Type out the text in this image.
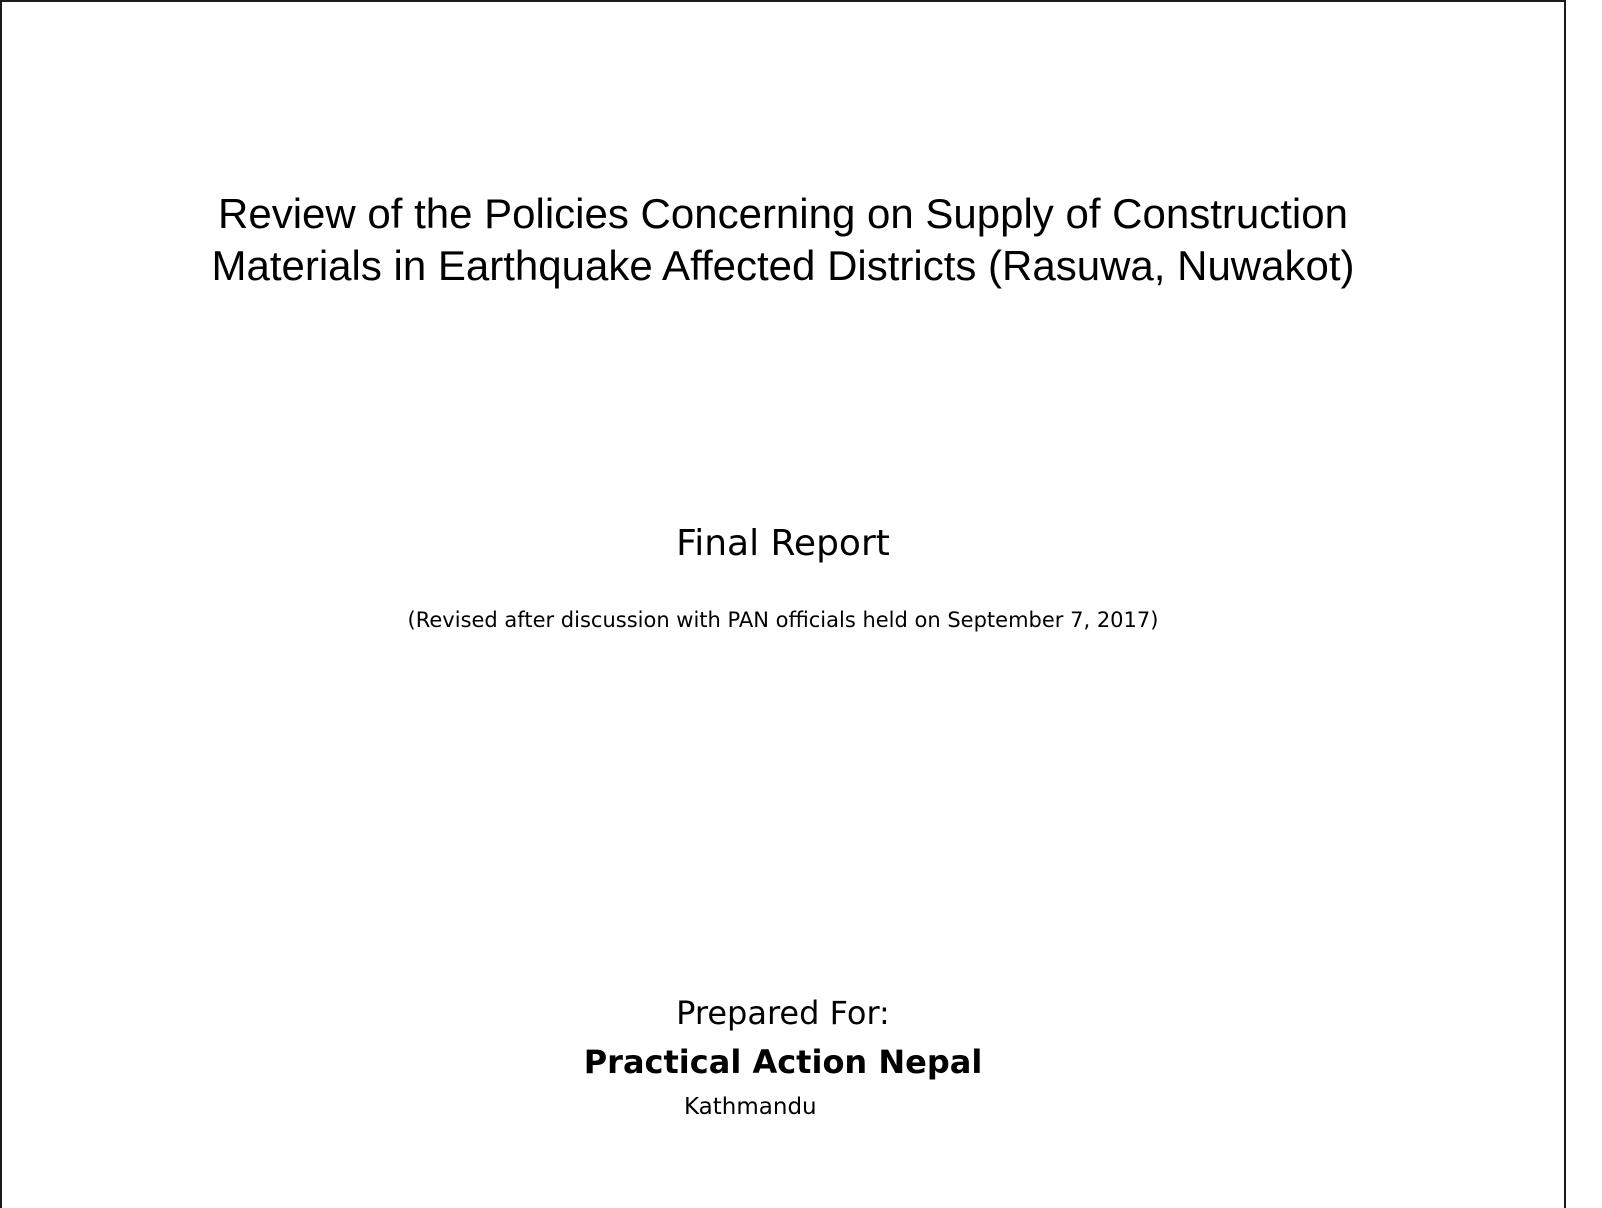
Review of the Policies Concerning on Supply of Construction
Materials in Earthquake Affected Districts (Rasuwa, Nuwakot)
Final Report

(Revised after discussion with PAN officials held on September 7, 2017)

Prepared For:

Practical Action Nepal

Kathmandu
